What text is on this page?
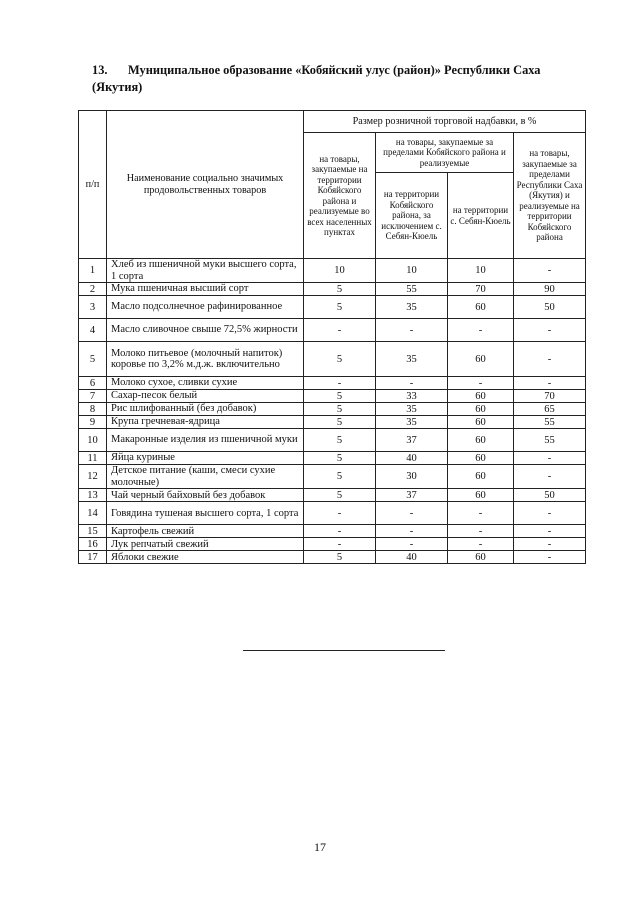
13. Муниципальное образование «Кобяйский улус (район)» Республики Саха (Якутия)
п/п	Наименование социально значимых продовольственных товаров	Размер розничной торговой надбавки, в %			
		на товары, закупаемые на территории Кобяйского района и реализуемые во всех населенных пунктах	на товары, закупаемые за пределами Кобяйского района и реализуемые		на товары, закупаемые за пределами Республики Саха (Якутия) и реализуемые на территории Кобяйского района
			на территории Кобяйского района, за исключением с. Себян-Кюель	на территории с. Себян-Кюель	
1	Хлеб из пшеничной муки высшего сорта, 1 сорта	10	10	10	-
2	Мука пшеничная высший сорт	5	55	70	90
3	Масло подсолнечное рафинированное	5	35	60	50
4	Масло сливочное свыше 72,5% жирности	-	-	-	-
5	Молоко питьевое (молочный напиток) коровье по 3,2% м.д.ж. включительно	5	35	60	-
6	Молоко сухое, сливки сухие	-	-	-	-
7	Сахар-песок белый	5	33	60	70
8	Рис шлифованный (без добавок)	5	35	60	65
9	Крупа гречневая-ядрица	5	35	60	55
10	Макаронные изделия из пшеничной муки	5	37	60	55
11	Яйца куриные	5	40	60	-
12	Детское питание (каши, смеси сухие молочные)	5	30	60	-
13	Чай черный байховый без добавок	5	37	60	50
14	Говядина тушеная высшего сорта, 1 сорта	-	-	-	-
15	Картофель свежий	-	-	-	-
16	Лук репчатый свежий	-	-	-	-
17	Яблоки свежие	5	40	60	-
17
